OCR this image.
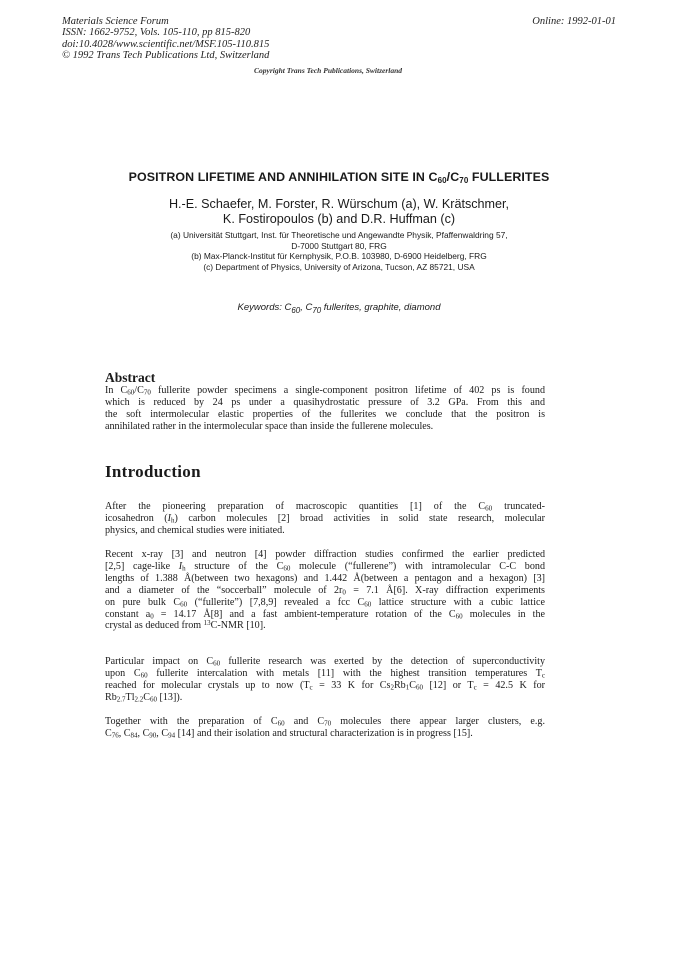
Materials Science Forum
ISSN: 1662-9752, Vols. 105-110, pp 815-820
doi:10.4028/www.scientific.net/MSF.105-110.815
© 1992 Trans Tech Publications Ltd, Switzerland
Online: 1992-01-01
Copyright Trans Tech Publications, Switzerland
POSITRON LIFETIME AND ANNIHILATION SITE IN $C_{60}/C_{70}$ FULLERITES
H.-E. Schaefer, M. Forster, R. Würschum (a), W. Krätschmer,
K. Fostiropoulos (b) and D.R. Huffman (c)
(a) Universität Stuttgart, Inst. für Theoretische und Angewandte Physik, Pfaffenwaldring 57,
D-7000 Stuttgart 80, FRG
(b) Max-Planck-Institut für Kernphysik, P.O.B. 103980, D-6900 Heidelberg, FRG
(c) Department of Physics, University of Arizona, Tucson, AZ 85721, USA
Keywords: $C_{60}$, $C_{70}$ fullerites, graphite, diamond
Abstract
In $C_{60}/C_{70}$ fullerite powder specimens a single-component positron lifetime of 402 ps is found
which is reduced by 24 ps under a quasihydrostatic pressure of 3.2 GPa. From this and
the soft intermolecular elastic properties of the fullerites we conclude that the positron is
annihilated rather in the intermolecular space than inside the fullerene molecules.
Introduction
After the pioneering preparation of macroscopic quantities [1] of the $C_{60}$ truncated-
icosahedron $(I_h)$ carbon molecules [2] broad activities in solid state research, molecular
physics, and chemical studies were initiated.
Recent x-ray [3] and neutron [4] powder diffraction studies confirmed the earlier predicted
[2,5] cage-like $I_h$ structure of the $C_{60}$ molecule (“fullerene”) with intramolecular C-C bond
lengths of 1.388 Å(between two hexagons) and 1.442 Å(between a pentagon and a hexagon) [3]
and a diameter of the “soccerball” molecule of $2r_0 = 7.1$ Å[6]. X-ray diffraction experiments
on pure bulk $C_{60}$ (“fullerite”) [7,8,9] revealed a fcc $C_{60}$ lattice structure with a cubic lattice
constant $a_0 = 14.17$ Å[8] and a fast ambient-temperature rotation of the $C_{60}$ molecules in the
crystal as deduced from $^{13}$C-NMR [10].
Particular impact on $C_{60}$ fullerite research was exerted by the detection of superconductivity
upon $C_{60}$ fullerite intercalation with metals [11] with the highest transition temperatures $T_c$
reached for molecular crystals up to now ($T_c = 33$ K for $Cs_2Rb_1C_{60}$ [12] or $T_c = 42.5$ K for
$Rb_{2.7}Tl_{2.2}C_{60}$ [13]).
Together with the preparation of $C_{60}$ and $C_{70}$ molecules there appear larger clusters, e.g.
$C_{76}$, $C_{84}$, $C_{90}$, $C_{94}$ [14] and their isolation and structural characterization is in progress [15].
